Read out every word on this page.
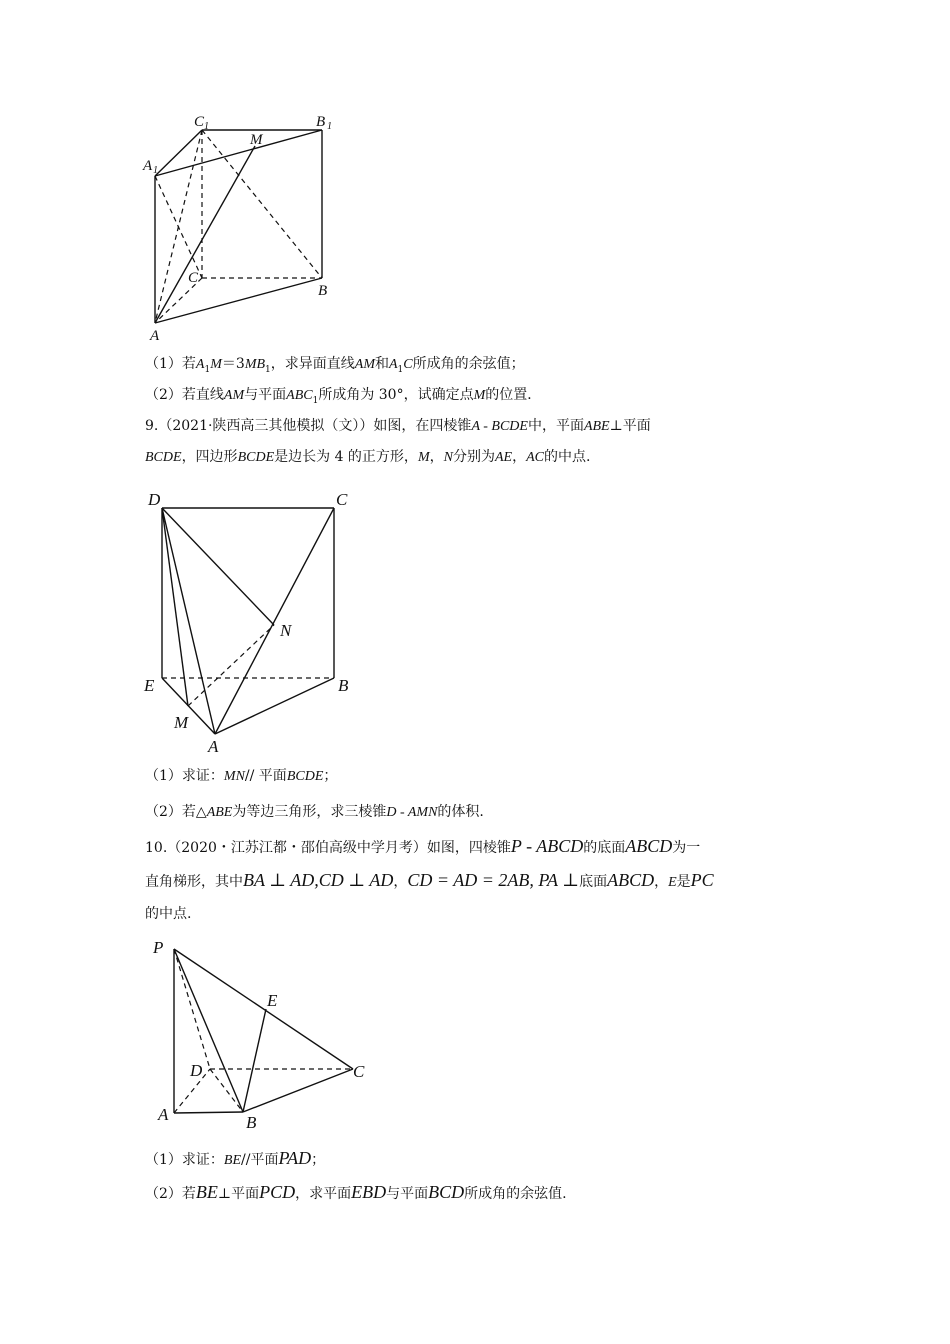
C 1	B 1
A 1
M
C
B
A
（1）若$A_1M=3MB_1$，求异面直线AM和$A_1C$所成角的余弦值；
（2）若直线AM与平面$ABC_1$所成角为 30°，试确定点M的位置．
9.（2021·陕西高三其他模拟（文））如图，在四棱锥A - BCDE中，平面ABE⊥平面
BCDE，四边形BCDE是边长为 4 的正方形，M，N分别为AE，AC的中点.
D	C
N
E	B
M
A
（1）求证：MN// 平面BCDE；
（2）若△ABE为等边三角形，求三棱锥D - AMN的体积.
10.（2020・江苏江都・邵伯高级中学月考）如图，四棱锥P - ABCD的底面ABCD为一
直角梯形，其中BA ⊥ AD,CD ⊥ AD，CD = AD = 2AB, PA ⊥底面ABCD，E是PC
的中点.
P
E
D	C
A	B
（1）求证：BE//平面PAD；
（2）若BE⊥平面PCD，求平面EBD与平面BCD所成角的余弦值.
